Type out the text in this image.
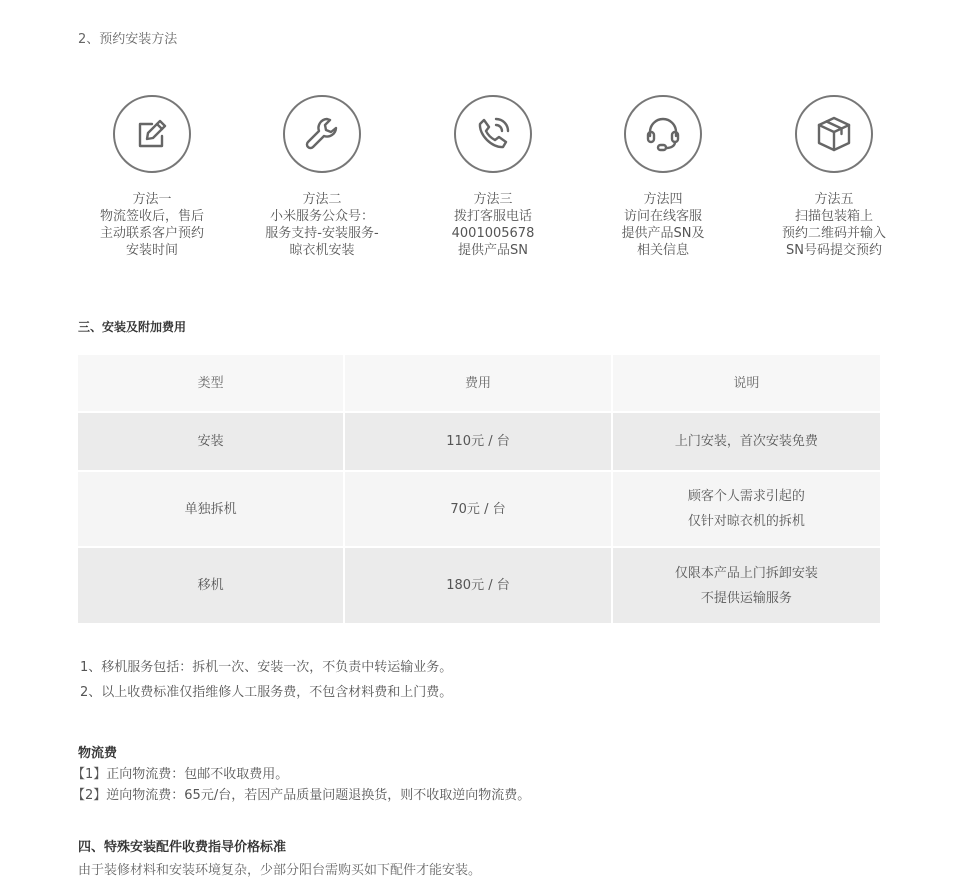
2、预约安装方法
方法一
物流签收后，售后
主动联系客户预约
安装时间
方法二
小米服务公众号：
服务支持-安装服务-
晾衣机安装
方法三
拨打客服电话
4001005678
提供产品SN
方法四
访问在线客服
提供产品SN及
相关信息
方法五
扫描包装箱上
预约二维码并输入
SN号码提交预约
三、安装及附加费用
类型	费用	说明
安装	110元 / 台	上门安装，首次安装免费

单独拆机	70元 / 台	顾客个人需求引起的
仅针对晾衣机的拆机

移机	180元 / 台	仅限本产品上门拆卸安装
不提供运输服务
1、移机服务包括：拆机一次、安装一次，不负责中转运输业务。
2、以上收费标准仅指维修人工服务费，不包含材料费和上门费。
物流费
【1】正向物流费：包邮不收取费用。
【2】逆向物流费：65元/台，若因产品质量问题退换货，则不收取逆向物流费。
四、特殊安装配件收费指导价格标准
由于装修材料和安装环境复杂，少部分阳台需购买如下配件才能安装。
